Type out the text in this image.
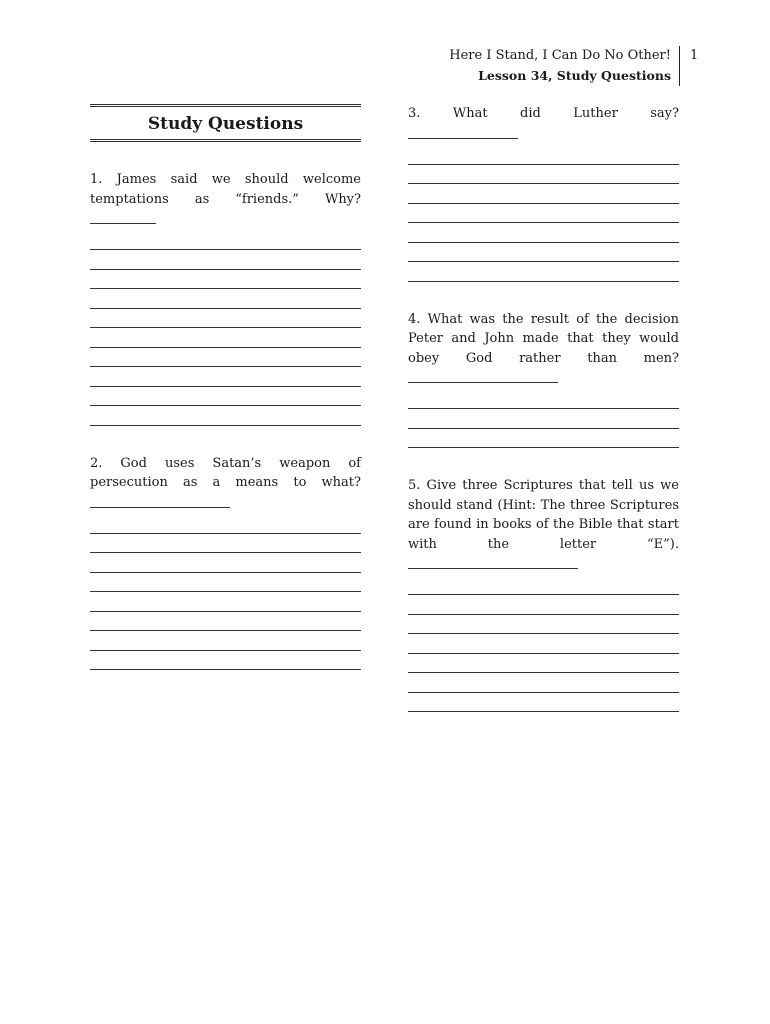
Here I Stand, I Can Do No Other!
Lesson 34, Study Questions
1
Study Questions
1. James said we should welcome temptations as “friends.” Why?
2. God uses Satan’s weapon of persecution as a means to what?
3. What did Luther say?
4. What was the result of the decision Peter and John made that they would obey God rather than men?
5. Give three Scriptures that tell us we should stand (Hint: The three Scriptures are found in books of the Bible that start with the letter “E”).
